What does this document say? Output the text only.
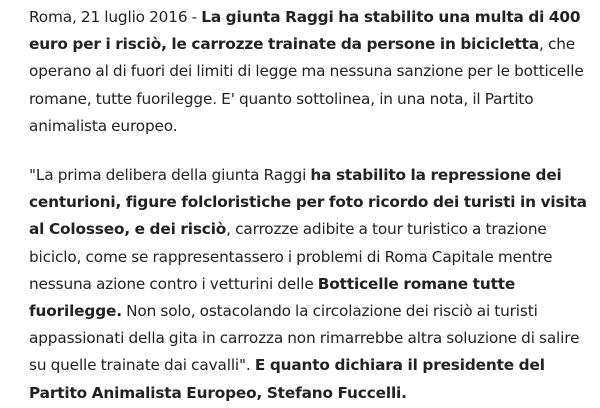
Roma, 21 luglio 2016 - La giunta Raggi ha stabilito una multa di 400 euro per i risciò, le carrozze trainate da persone in bicicletta, che operano al di fuori dei limiti di legge ma nessuna sanzione per le botticelle romane, tutte fuorilegge. E' quanto sottolinea, in una nota, il Partito animalista europeo.

"La prima delibera della giunta Raggi ha stabilito la repressione dei centurioni, figure folcloristiche per foto ricordo dei turisti in visita al Colosseo, e dei risciò, carrozze adibite a tour turistico a trazione biciclo, come se rappresentassero i problemi di Roma Capitale mentre nessuna azione contro i vetturini delle Botticelle romane tutte fuorilegge. Non solo, ostacolando la circolazione dei risciò ai turisti appassionati della gita in carrozza non rimarrebbe altra soluzione di salire su quelle trainate dai cavalli". E quanto dichiara il presidente del Partito Animalista Europeo, Stefano Fuccelli.
